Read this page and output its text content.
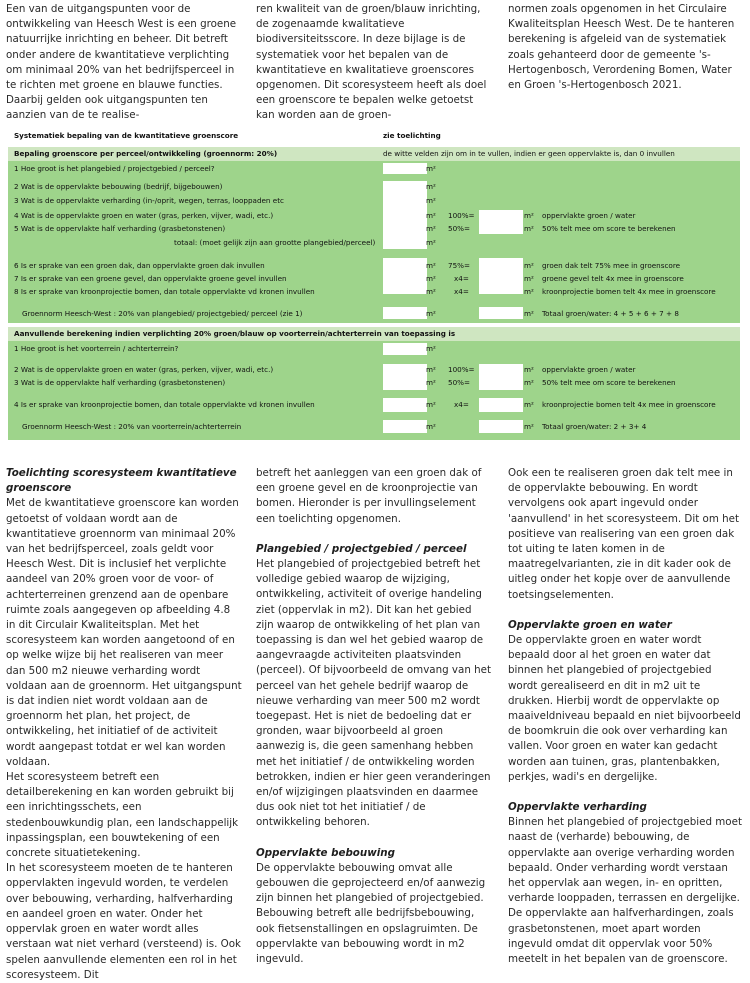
Een van de uitgangspunten voor de ontwikkeling van Heesch West is een groene natuurrijke inrichting en beheer. Dit betreft onder andere de kwantitatieve verplichting om minimaal 20% van het bedrijfsperceel in te richten met groene en blauwe functies. Daarbij gelden ook uitgangspunten ten aanzien van de te realise-

ren kwaliteit van de groen/blauw inrichting, de zogenaamde kwalitatieve biodiversiteitsscore. In deze bijlage is de systematiek voor het bepalen van de kwantitatieve en kwalitatieve groenscores opgenomen. Dit scoresysteem heeft als doel een groenscore te bepalen welke getoetst kan worden aan de groen-

normen zoals opgenomen in het Circulaire Kwaliteitsplan Heesch West. De te hanteren berekening is afgeleid van de systematiek zoals gehanteerd door de gemeente 's-Hertogenbosch, Verordening Bomen, Water en Groen 's-Hertogenbosch 2021.

Systematiek bepaling van de kwantitatieve groenscore	zie toelichting
Bepaling groenscore per perceel/ontwikkeling (groennorm: 20%)	de witte velden zijn om in te vullen, indien er geen oppervlakte is, dan 0 invullen
1 Hoe groot is het plangebied / projectgebied / perceel?	m²
2 Wat is de oppervlakte bebouwing (bedrijf, bijgebouwen)	m²
3 Wat is de oppervlakte verharding (in-/oprit, wegen, terras, looppaden etc	m²
4 Wat is de oppervlakte groen en water (gras, perken, vijver, wadi, etc.)	m² 100%=	m² oppervlakte groen / water
5 Wat is de oppervlakte half verharding (grasbetonstenen)	m² 50%=	m² 50% telt mee om score te berekenen
totaal: (moet gelijk zijn aan grootte plangebied/perceel)	m²
6 Is er sprake van een groen dak, dan oppervlakte groen dak invullen	m² 75%=	m² groen dak telt 75% mee in groenscore
7 Is er sprake van een groene gevel, dan oppervlakte groene gevel invullen	m²	x4=	m² groene gevel telt 4x mee in groenscore
8 Is er sprake van kroonprojectie bomen, dan totale oppervlakte vd kronen invullen	m²	x4=	m² kroonprojectie bomen telt 4x mee in groenscore
Groennorm Heesch-West : 20% van plangebied/ projectgebied/ perceel (zie 1)	m²	m² Totaal groen/water: 4 + 5 + 6 + 7 + 8
Aanvullende berekening indien verplichting 20% groen/blauw op voorterrein/achterterrein van toepassing is
1 Hoe groot is het voorterrein / achterterrein?	m²
2 Wat is de oppervlakte groen en water (gras, perken, vijver, wadi, etc.)	m² 100%=	m² oppervlakte groen / water
3 Wat is de oppervlakte half verharding (grasbetonstenen)	m² 50%=	m² 50% telt mee om score te berekenen
4 Is er sprake van kroonprojectie bomen, dan totale oppervlakte vd kronen invullen	m²	x4=	m² kroonprojectie bomen telt 4x mee in groenscore
Groennorm Heesch-West : 20% van voorterrein/achterterrein	m²	m² Totaal groen/water: 2 + 3+ 4
Toelichting scoresysteem kwantitatieve groenscore

Met de kwantitatieve groenscore kan worden getoetst of voldaan wordt aan de kwantitatieve groennorm van minimaal 20% van het bedrijfsperceel, zoals geldt voor Heesch West. Dit is inclusief het verplichte aandeel van 20% groen voor de voor- of achterterreinen grenzend aan de openbare ruimte zoals aangegeven op afbeelding 4.8 in dit Circulair Kwaliteitsplan. Met het scoresysteem kan worden aangetoond of en op welke wijze bij het realiseren van meer dan 500 m2 nieuwe verharding wordt voldaan aan de groennorm. Het uitgangspunt is dat indien niet wordt voldaan aan de groennorm het plan, het project, de ontwikkeling, het initiatief of de activiteit wordt aangepast totdat er wel kan worden voldaan.

Het scoresysteem betreft een detailberekening en kan worden gebruikt bij een inrichtingsschets, een stedenbouwkundig plan, een landschappelijk inpassingsplan, een bouwtekening of een concrete situatietekening.

In het scoresysteem moeten de te hanteren oppervlakten ingevuld worden, te verdelen over bebouwing, verharding, halfverharding en aandeel groen en water. Onder het oppervlak groen en water wordt alles verstaan wat niet verhard (versteend) is. Ook spelen aanvullende elementen een rol in het scoresysteem. Dit

betreft het aanleggen van een groen dak of een groene gevel en de kroonprojectie van bomen. Hieronder is per invullingselement een toelichting opgenomen.

Plangebied / projectgebied / perceel

Het plangebied of projectgebied betreft het volledige gebied waarop de wijziging, ontwikkeling, activiteit of overige handeling ziet (oppervlak in m2). Dit kan het gebied zijn waarop de ontwikkeling of het plan van toepassing is dan wel het gebied waarop de aangevraagde activiteiten plaatsvinden (perceel). Of bijvoorbeeld de omvang van het perceel van het gehele bedrijf waarop de nieuwe verharding van meer 500 m2 wordt toegepast. Het is niet de bedoeling dat er gronden, waar bijvoorbeeld al groen aanwezig is, die geen samenhang hebben met het initiatief / de ontwikkeling worden betrokken, indien er hier geen veranderingen en/of wijzigingen plaatsvinden en daarmee dus ook niet tot het initiatief / de ontwikkeling behoren.

Oppervlakte bebouwing

De oppervlakte bebouwing omvat alle gebouwen die geprojecteerd en/of aanwezig zijn binnen het plangebied of projectgebied. Bebouwing betreft alle bedrijfsbebouwing, ook fietsenstallingen en opslagruimten. De oppervlakte van bebouwing wordt in m2 ingevuld.

Ook een te realiseren groen dak telt mee in de oppervlakte bebouwing. En wordt vervolgens ook apart ingevuld onder 'aanvullend' in het scoresysteem. Dit om het positieve van realisering van een groen dak tot uiting te laten komen in de maatregelvarianten, zie in dit kader ook de uitleg onder het kopje over de aanvullende toetsingselementen.

Oppervlakte groen en water

De oppervlakte groen en water wordt bepaald door al het groen en water dat binnen het plangebied of projectgebied wordt gerealiseerd en dit in m2 uit te drukken. Hierbij wordt de oppervlakte op maaiveldniveau bepaald en niet bijvoorbeeld de boomkruin die ook over verharding kan vallen. Voor groen en water kan gedacht worden aan tuinen, gras, plantenbakken, perkjes, wadi's en dergelijke.

Oppervlakte verharding

Binnen het plangebied of projectgebied moet naast de (verharde) bebouwing, de oppervlakte aan overige verharding worden bepaald. Onder verharding wordt verstaan het oppervlak aan wegen, in- en opritten, verharde looppaden, terrassen en dergelijke. De oppervlakte aan halfverhardingen, zoals grasbetonstenen, moet apart worden ingevuld omdat dit oppervlak voor 50% meetelt in het bepalen van de groenscore.
